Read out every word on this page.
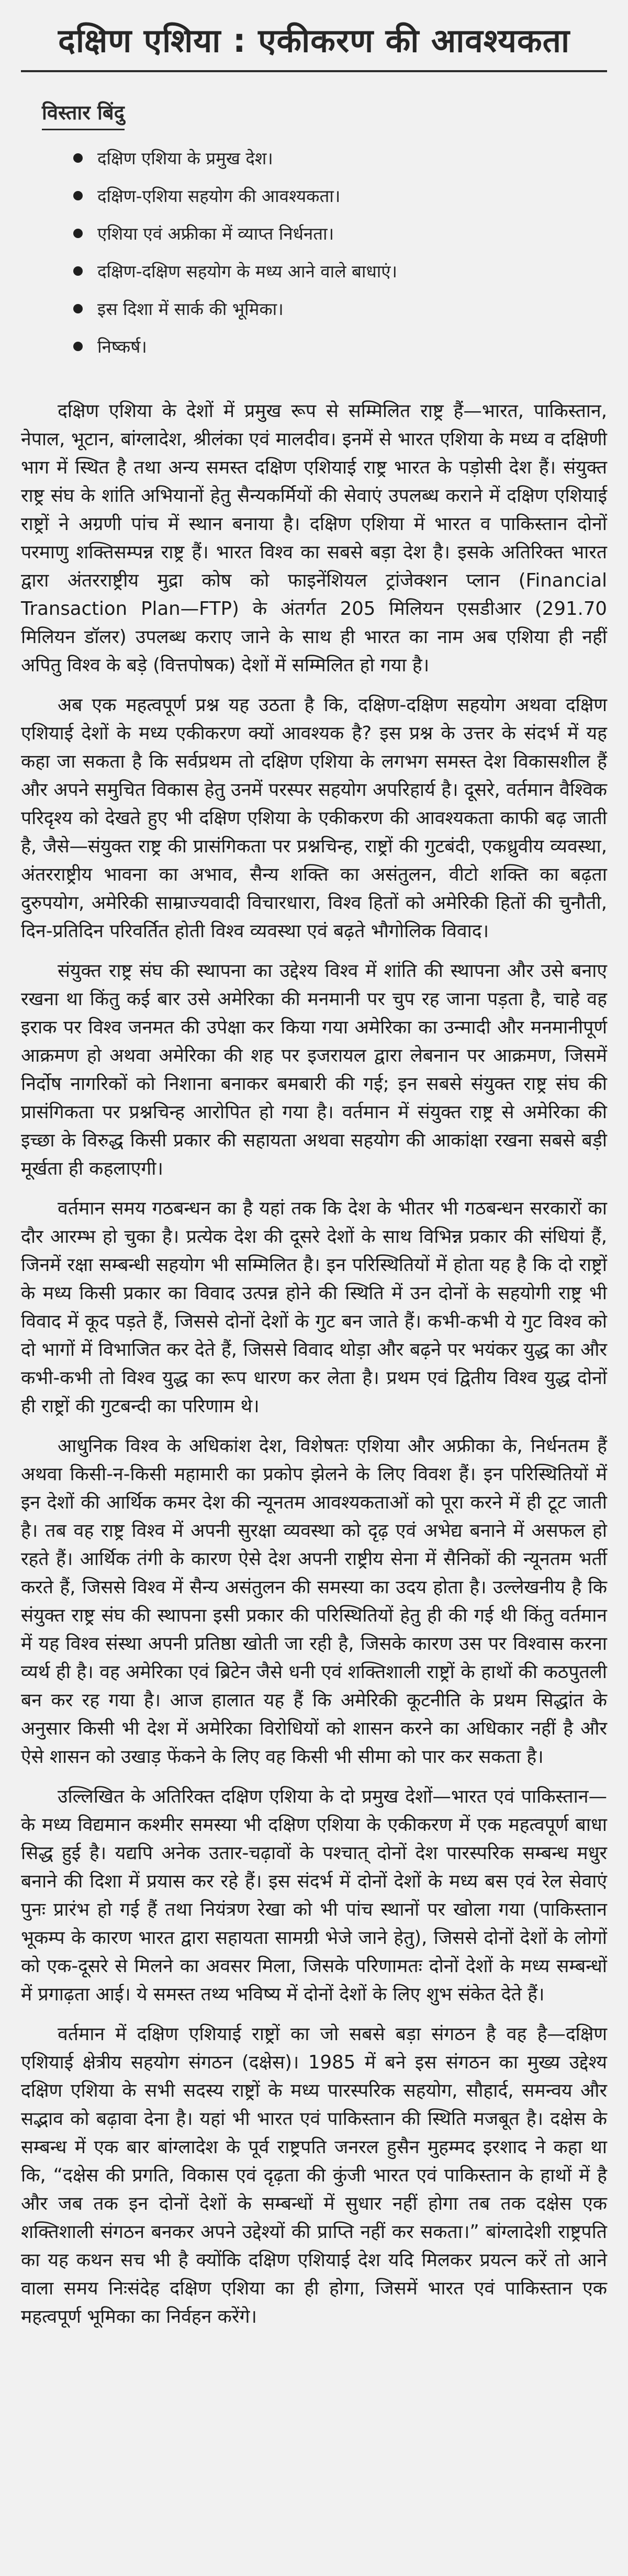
दक्षिण एशिया : एकीकरण की आवश्यकता
विस्तार बिंदु
दक्षिण एशिया के प्रमुख देश।
दक्षिण-एशिया सहयोग की आवश्यकता।
एशिया एवं अफ्रीका में व्याप्त निर्धनता।
दक्षिण-दक्षिण सहयोग के मध्य आने वाले बाधाएं।
इस दिशा में सार्क की भूमिका।
निष्कर्ष।

दक्षिण एशिया के देशों में प्रमुख रूप से सम्मिलित राष्ट्र हैं—भारत, पाकिस्तान, नेपाल, भूटान, बांग्लादेश, श्रीलंका एवं मालदीव। इनमें से भारत एशिया के मध्य व दक्षिणी भाग में स्थित है तथा अन्य समस्त दक्षिण एशियाई राष्ट्र भारत के पड़ोसी देश हैं। संयुक्त राष्ट्र संघ के शांति अभियानों हेतु सैन्यकर्मियों की सेवाएं उपलब्ध कराने में दक्षिण एशियाई राष्ट्रों ने अग्रणी पांच में स्थान बनाया है। दक्षिण एशिया में भारत व पाकिस्तान दोनों परमाणु शक्तिसम्पन्न राष्ट्र हैं। भारत विश्व का सबसे बड़ा देश है। इसके अतिरिक्त भारत द्वारा अंतरराष्ट्रीय मुद्रा कोष को फाइनेंशियल ट्रांजेक्शन प्लान (Financial Transaction Plan—FTP) के अंतर्गत 205 मिलियन एसडीआर (291.70 मिलियन डॉलर) उपलब्ध कराए जाने के साथ ही भारत का नाम अब एशिया ही नहीं अपितु विश्व के बड़े (वित्तपोषक) देशों में सम्मिलित हो गया है।

अब एक महत्वपूर्ण प्रश्न यह उठता है कि, दक्षिण-दक्षिण सहयोग अथवा दक्षिण एशियाई देशों के मध्य एकीकरण क्यों आवश्यक है? इस प्रश्न के उत्तर के संदर्भ में यह कहा जा सकता है कि सर्वप्रथम तो दक्षिण एशिया के लगभग समस्त देश विकासशील हैं और अपने समुचित विकास हेतु उनमें परस्पर सहयोग अपरिहार्य है। दूसरे, वर्तमान वैश्विक परिदृश्य को देखते हुए भी दक्षिण एशिया के एकीकरण की आवश्यकता काफी बढ़ जाती है, जैसे—संयुक्त राष्ट्र की प्रासंगिकता पर प्रश्नचिन्ह, राष्ट्रों की गुटबंदी, एकध्रुवीय व्यवस्था, अंतरराष्ट्रीय भावना का अभाव, सैन्य शक्ति का असंतुलन, वीटो शक्ति का बढ़ता दुरुपयोग, अमेरिकी साम्राज्यवादी विचारधारा, विश्व हितों को अमेरिकी हितों की चुनौती, दिन-प्रतिदिन परिवर्तित होती विश्व व्यवस्था एवं बढ़ते भौगोलिक विवाद।

संयुक्त राष्ट्र संघ की स्थापना का उद्देश्य विश्व में शांति की स्थापना और उसे बनाए रखना था किंतु कई बार उसे अमेरिका की मनमानी पर चुप रह जाना पड़ता है, चाहे वह इराक पर विश्व जनमत की उपेक्षा कर किया गया अमेरिका का उन्मादी और मनमानीपूर्ण आक्रमण हो अथवा अमेरिका की शह पर इजरायल द्वारा लेबनान पर आक्रमण, जिसमें निर्दोष नागरिकों को निशाना बनाकर बमबारी की गई; इन सबसे संयुक्त राष्ट्र संघ की प्रासंगिकता पर प्रश्नचिन्ह आरोपित हो गया है। वर्तमान में संयुक्त राष्ट्र से अमेरिका की इच्छा के विरुद्ध किसी प्रकार की सहायता अथवा सहयोग की आकांक्षा रखना सबसे बड़ी मूर्खता ही कहलाएगी।

वर्तमान समय गठबन्धन का है यहां तक कि देश के भीतर भी गठबन्धन सरकारों का दौर आरम्भ हो चुका है। प्रत्येक देश की दूसरे देशों के साथ विभिन्न प्रकार की संधियां हैं, जिनमें रक्षा सम्बन्धी सहयोग भी सम्मिलित है। इन परिस्थितियों में होता यह है कि दो राष्ट्रों के मध्य किसी प्रकार का विवाद उत्पन्न होने की स्थिति में उन दोनों के सहयोगी राष्ट्र भी विवाद में कूद पड़ते हैं, जिससे दोनों देशों के गुट बन जाते हैं। कभी-कभी ये गुट विश्व को दो भागों में विभाजित कर देते हैं, जिससे विवाद थोड़ा और बढ़ने पर भयंकर युद्ध का और कभी-कभी तो विश्व युद्ध का रूप धारण कर लेता है। प्रथम एवं द्वितीय विश्व युद्ध दोनों ही राष्ट्रों की गुटबन्दी का परिणाम थे।

आधुनिक विश्व के अधिकांश देश, विशेषतः एशिया और अफ्रीका के, निर्धनतम हैं अथवा किसी-न-किसी महामारी का प्रकोप झेलने के लिए विवश हैं। इन परिस्थितियों में इन देशों की आर्थिक कमर देश की न्यूनतम आवश्यकताओं को पूरा करने में ही टूट जाती है। तब वह राष्ट्र विश्व में अपनी सुरक्षा व्यवस्था को दृढ़ एवं अभेद्य बनाने में असफल हो रहते हैं। आर्थिक तंगी के कारण ऐसे देश अपनी राष्ट्रीय सेना में सैनिकों की न्यूनतम भर्ती करते हैं, जिससे विश्व में सैन्य असंतुलन की समस्या का उदय होता है। उल्लेखनीय है कि संयुक्त राष्ट्र संघ की स्थापना इसी प्रकार की परिस्थितियों हेतु ही की गई थी किंतु वर्तमान में यह विश्व संस्था अपनी प्रतिष्ठा खोती जा रही है, जिसके कारण उस पर विश्वास करना व्यर्थ ही है। वह अमेरिका एवं ब्रिटेन जैसे धनी एवं शक्तिशाली राष्ट्रों के हाथों की कठपुतली बन कर रह गया है। आज हालात यह हैं कि अमेरिकी कूटनीति के प्रथम सिद्धांत के अनुसार किसी भी देश में अमेरिका विरोधियों को शासन करने का अधिकार नहीं है और ऐसे शासन को उखाड़ फेंकने के लिए वह किसी भी सीमा को पार कर सकता है।

उल्लिखित के अतिरिक्त दक्षिण एशिया के दो प्रमुख देशों—भारत एवं पाकिस्तान—के मध्य विद्यमान कश्मीर समस्या भी दक्षिण एशिया के एकीकरण में एक महत्वपूर्ण बाधा सिद्ध हुई है। यद्यपि अनेक उतार-चढ़ावों के पश्चात् दोनों देश पारस्परिक सम्बन्ध मधुर बनाने की दिशा में प्रयास कर रहे हैं। इस संदर्भ में दोनों देशों के मध्य बस एवं रेल सेवाएं पुनः प्रारंभ हो गई हैं तथा नियंत्रण रेखा को भी पांच स्थानों पर खोला गया (पाकिस्तान भूकम्प के कारण भारत द्वारा सहायता सामग्री भेजे जाने हेतु), जिससे दोनों देशों के लोगों को एक-दूसरे से मिलने का अवसर मिला, जिसके परिणामतः दोनों देशों के मध्य सम्बन्धों में प्रगाढ़ता आई। ये समस्त तथ्य भविष्य में दोनों देशों के लिए शुभ संकेत देते हैं।

वर्तमान में दक्षिण एशियाई राष्ट्रों का जो सबसे बड़ा संगठन है वह है—दक्षिण एशियाई क्षेत्रीय सहयोग संगठन (दक्षेस)। 1985 में बने इस संगठन का मुख्य उद्देश्य दक्षिण एशिया के सभी सदस्य राष्ट्रों के मध्य पारस्परिक सहयोग, सौहार्द, समन्वय और सद्भाव को बढ़ावा देना है। यहां भी भारत एवं पाकिस्तान की स्थिति मजबूत है। दक्षेस के सम्बन्ध में एक बार बांग्लादेश के पूर्व राष्ट्रपति जनरल हुसैन मुहम्मद इरशाद ने कहा था कि, “दक्षेस की प्रगति, विकास एवं दृढ़ता की कुंजी भारत एवं पाकिस्तान के हाथों में है और जब तक इन दोनों देशों के सम्बन्धों में सुधार नहीं होगा तब तक दक्षेस एक शक्तिशाली संगठन बनकर अपने उद्देश्यों की प्राप्ति नहीं कर सकता।” बांग्लादेशी राष्ट्रपति का यह कथन सच भी है क्योंकि दक्षिण एशियाई देश यदि मिलकर प्रयत्न करें तो आने वाला समय निःसंदेह दक्षिण एशिया का ही होगा, जिसमें भारत एवं पाकिस्तान एक महत्वपूर्ण भूमिका का निर्वहन करेंगे।
